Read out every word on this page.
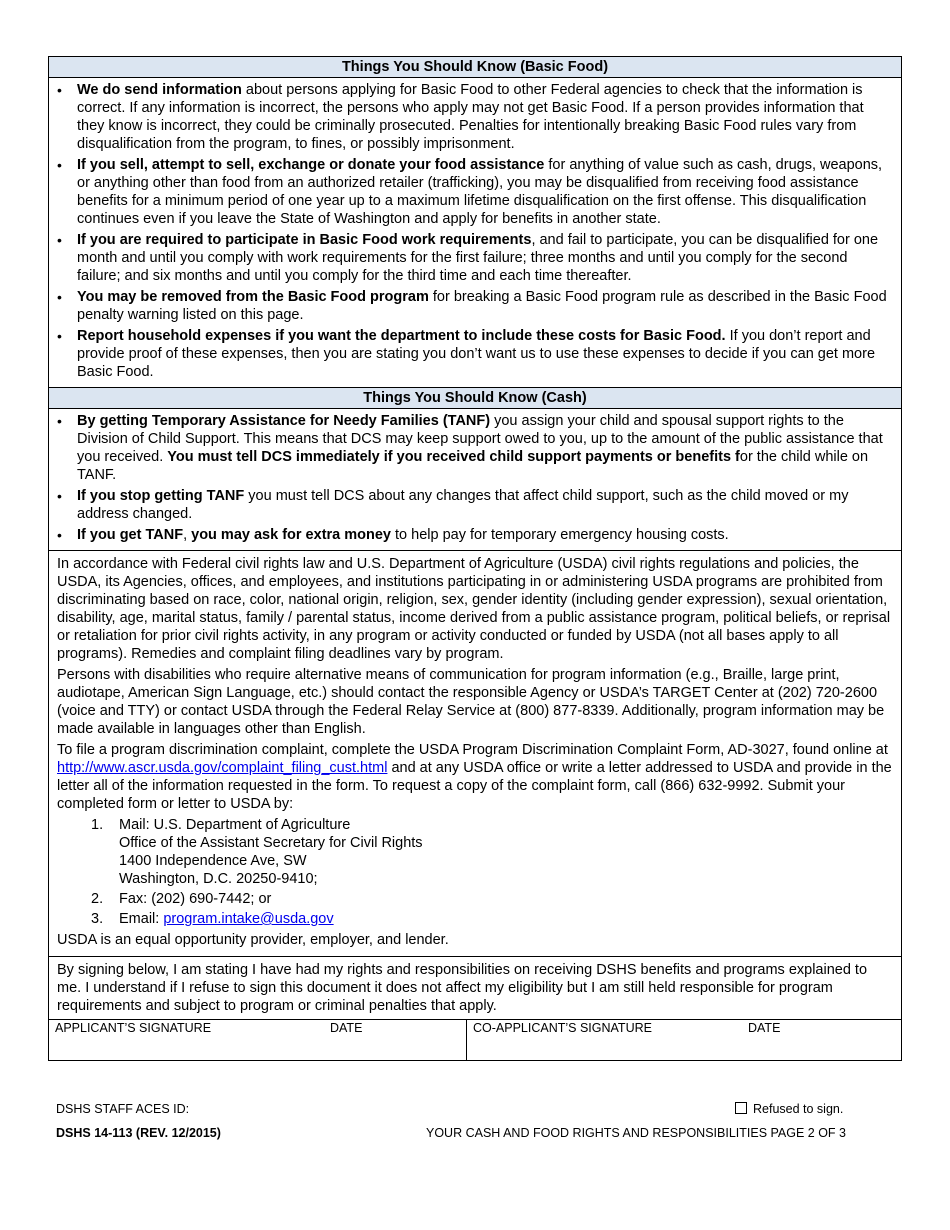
Things You Should Know (Basic Food)
• We do send information about persons applying for Basic Food to other Federal agencies to check that the information is correct. If any information is incorrect, the persons who apply may not get Basic Food. If a person provides information that they know is incorrect, they could be criminally prosecuted. Penalties for intentionally breaking Basic Food rules vary from disqualification from the program, to fines, or possibly imprisonment.
• If you sell, attempt to sell, exchange or donate your food assistance for anything of value such as cash, drugs, weapons, or anything other than food from an authorized retailer (trafficking), you may be disqualified from receiving food assistance benefits for a minimum period of one year up to a maximum lifetime disqualification on the first offense. This disqualification continues even if you leave the State of Washington and apply for benefits in another state.
• If you are required to participate in Basic Food work requirements, and fail to participate, you can be disqualified for one month and until you comply with work requirements for the first failure; three months and until you comply for the second failure; and six months and until you comply for the third time and each time thereafter.
• You may be removed from the Basic Food program for breaking a Basic Food program rule as described in the Basic Food penalty warning listed on this page.
• Report household expenses if you want the department to include these costs for Basic Food. If you don’t report and provide proof of these expenses, then you are stating you don’t want us to use these expenses to decide if you can get more Basic Food.
Things You Should Know (Cash)
• By getting Temporary Assistance for Needy Families (TANF) you assign your child and spousal support rights to the Division of Child Support. This means that DCS may keep support owed to you, up to the amount of the public assistance that you received. You must tell DCS immediately if you received child support payments or benefits for the child while on TANF.
• If you stop getting TANF you must tell DCS about any changes that affect child support, such as the child moved or my address changed.
• If you get TANF, you may ask for extra money to help pay for temporary emergency housing costs.

In accordance with Federal civil rights law and U.S. Department of Agriculture (USDA) civil rights regulations and policies, the USDA, its Agencies, offices, and employees, and institutions participating in or administering USDA programs are prohibited from discriminating based on race, color, national origin, religion, sex, gender identity (including gender expression), sexual orientation, disability, age, marital status, family / parental status, income derived from a public assistance program, political beliefs, or reprisal or retaliation for prior civil rights activity, in any program or activity conducted or funded by USDA (not all bases apply to all programs). Remedies and complaint filing deadlines vary by program.

Persons with disabilities who require alternative means of communication for program information (e.g., Braille, large print, audiotape, American Sign Language, etc.) should contact the responsible Agency or USDA’s TARGET Center at (202) 720-2600 (voice and TTY) or contact USDA through the Federal Relay Service at (800) 877-8339. Additionally, program information may be made available in languages other than English.

To file a program discrimination complaint, complete the USDA Program Discrimination Complaint Form, AD-3027, found online at http://www.ascr.usda.gov/complaint_filing_cust.html and at any USDA office or write a letter addressed to USDA and provide in the letter all of the information requested in the form. To request a copy of the complaint form, call (866) 632-9992. Submit your completed form or letter to USDA by:

1. Mail: U.S. Department of Agriculture
Office of the Assistant Secretary for Civil Rights
1400 Independence Ave, SW
Washington, D.C. 20250-9410;
2. Fax: (202) 690-7442; or
3. Email: program.intake@usda.gov

USDA is an equal opportunity provider, employer, and lender.

By signing below, I am stating I have had my rights and responsibilities on receiving DSHS benefits and programs explained to me. I understand if I refuse to sign this document it does not affect my eligibility but I am still held responsible for program requirements and subject to program or criminal penalties that apply.
APPLICANT’S SIGNATURE	DATE	CO-APPLICANT’S SIGNATURE	DATE
DSHS STAFF ACES ID:	Refused to sign.
DSHS 14-113 (REV. 12/2015)	YOUR CASH AND FOOD RIGHTS AND RESPONSIBILITIES PAGE 2 OF 3
